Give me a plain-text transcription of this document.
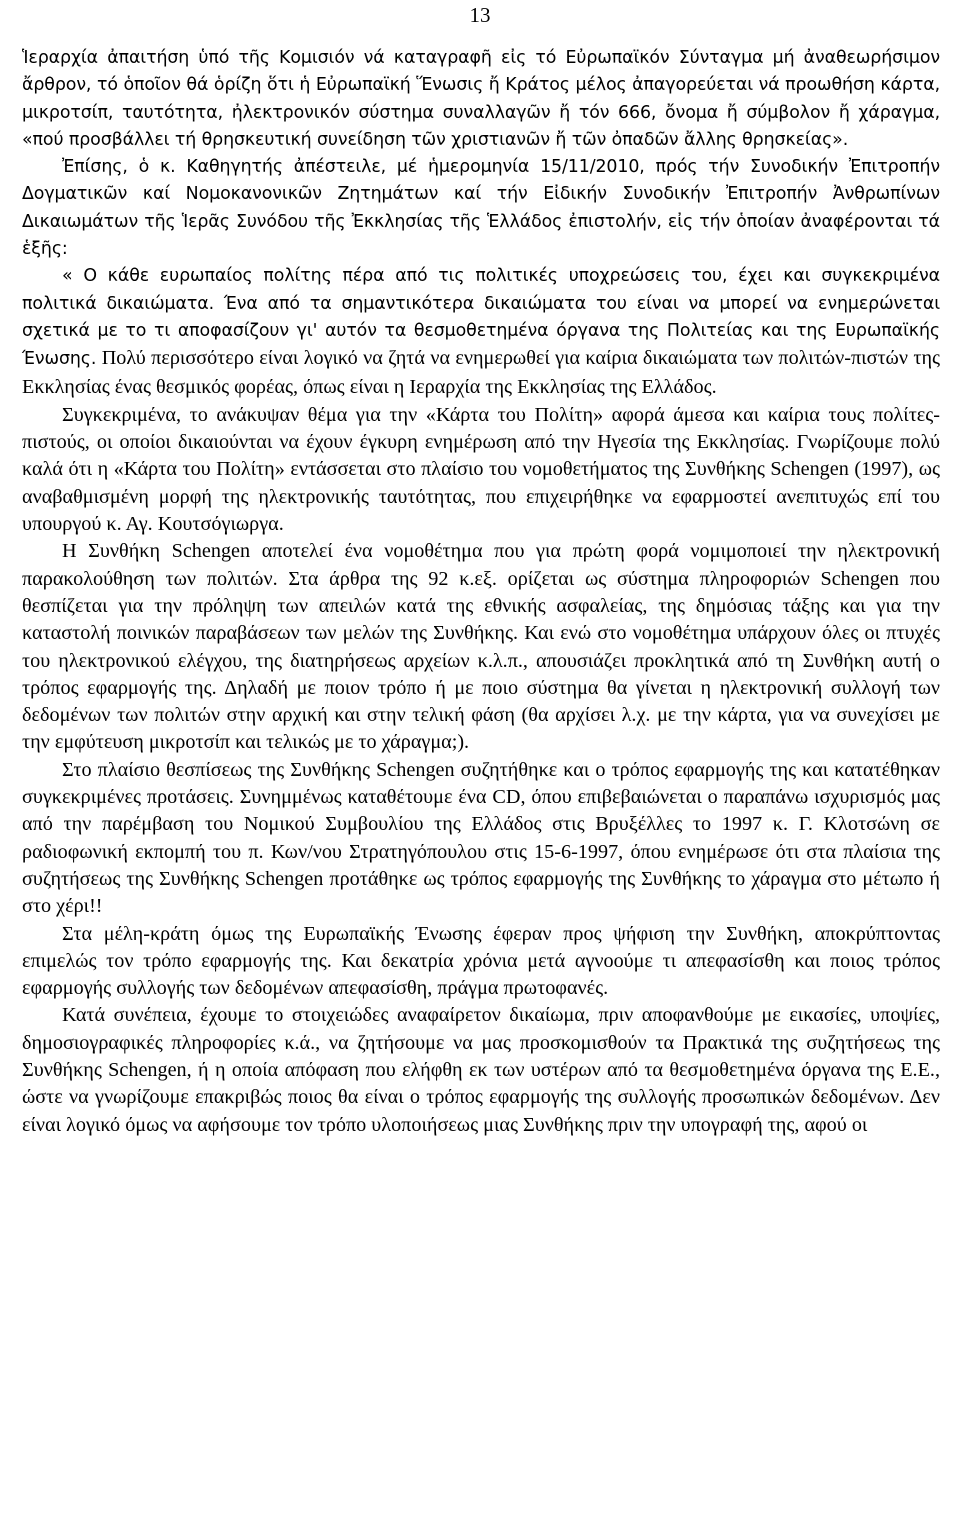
13

Ἱεραρχία ἀπαιτήση ὑπό τῆς Κομισιόν νά καταγραφῆ εἰς τό Εὐρωπαϊκόν Σύνταγμα μή ἀναθεωρήσιμον ἄρθρον, τό ὁποῖον θά ὁρίζη ὅτι ἡ Εὐρωπαϊκή Ἕνωσις ἤ Κράτος μέλος ἀπαγορεύεται νά προωθήση κάρτα, μικροτσίπ, ταυτότητα, ἠλεκτρονικόν σύστημα συναλλαγῶν ἤ τόν 666, ὄνομα ἤ σύμβολον ἤ χάραγμα, «πού προσβάλλει τή θρησκευτική συνείδηση τῶν χριστιανῶν ἤ τῶν ὀπαδῶν ἄλλης θρησκείας».

Ἐπίσης, ὁ κ. Καθηγητής ἀπέστειλε, μέ ἡμερομηνία 15/11/2010, πρός τήν Συνοδικήν Ἐπιτροπήν Δογματικῶν καί Νομοκανονικῶν Ζητημάτων καί τήν Εἰδικήν Συνοδικήν Ἐπιτροπήν Ἀνθρωπίνων Δικαιωμάτων τῆς Ἱερᾶς Συνόδου τῆς Ἐκκλησίας τῆς Ἑλλάδος ἐπιστολήν, εἰς τήν ὁποίαν ἀναφέρονται τά ἑξῆς:

« Ο κάθε ευρωπαίος πολίτης πέρα από τις πολιτικές υποχρεώσεις του, έχει και συγκεκριμένα πολιτικά δικαιώματα. Ένα από τα σημαντικότερα δικαιώματα του είναι να μπορεί να ενημερώνεται σχετικά με το τι αποφασίζουν γι' αυτόν τα θεσμοθετημένα όργανα της Πολιτείας και της Ευρωπαϊκής Ένωσης. Πολύ περισσότερο είναι λογικό να ζητά να ενημερωθεί για καίρια δικαιώματα των πολιτών-πιστών της Εκκλησίας ένας θεσμικός φορέας, όπως είναι η Ιεραρχία της Εκκλησίας της Ελλάδος.

Συγκεκριμένα, το ανάκυψαν θέμα για την «Κάρτα του Πολίτη» αφορά άμεσα και καίρια τους πολίτες-πιστούς, οι οποίοι δικαιούνται να έχουν έγκυρη ενημέρωση από την Ηγεσία της Εκκλησίας. Γνωρίζουμε πολύ καλά ότι η «Κάρτα του Πολίτη» εντάσσεται στο πλαίσιο του νομοθετήματος της Συνθήκης Schengen (1997), ως αναβαθμισμένη μορφή της ηλεκτρονικής ταυτότητας, που επιχειρήθηκε να εφαρμοστεί ανεπιτυχώς επί του υπουργού κ. Αγ. Κουτσόγιωργα.

Η Συνθήκη Schengen αποτελεί ένα νομοθέτημα που για πρώτη φορά νομιμοποιεί την ηλεκτρονική παρακολούθηση των πολιτών. Στα άρθρα της 92 κ.εξ. ορίζεται ως σύστημα πληροφοριών Schengen που θεσπίζεται για την πρόληψη των απειλών κατά της εθνικής ασφαλείας, της δημόσιας τάξης και για την καταστολή ποινικών παραβάσεων των μελών της Συνθήκης. Και ενώ στο νομοθέτημα υπάρχουν όλες οι πτυχές του ηλεκτρονικού ελέγχου, της διατηρήσεως αρχείων κ.λ.π., απουσιάζει προκλητικά από τη Συνθήκη αυτή ο τρόπος εφαρμογής της. Δηλαδή με ποιον τρόπο ή με ποιο σύστημα θα γίνεται η ηλεκτρονική συλλογή των δεδομένων των πολιτών στην αρχική και στην τελική φάση (θα αρχίσει λ.χ. με την κάρτα, για να συνεχίσει με την εμφύτευση μικροτσίπ και τελικώς με το χάραγμα;).

Στο πλαίσιο θεσπίσεως της Συνθήκης Schengen συζητήθηκε και ο τρόπος εφαρμογής της και κατατέθηκαν συγκεκριμένες προτάσεις. Συνημμένως καταθέτουμε ένα CD, όπου επιβεβαιώνεται ο παραπάνω ισχυρισμός μας από την παρέμβαση του Νομικού Συμβουλίου της Ελλάδος στις Βρυξέλλες το 1997 κ. Γ. Κλοτσώνη σε ραδιοφωνική εκπομπή του π. Κων/νου Στρατηγόπουλου στις 15-6-1997, όπου ενημέρωσε ότι στα πλαίσια της συζητήσεως της Συνθήκης Schengen προτάθηκε ως τρόπος εφαρμογής της Συνθήκης το χάραγμα στο μέτωπο ή στο χέρι!!

Στα μέλη-κράτη όμως της Ευρωπαϊκής Ένωσης έφεραν προς ψήφιση την Συνθήκη, αποκρύπτοντας επιμελώς τον τρόπο εφαρμογής της. Και δεκατρία χρόνια μετά αγνοούμε τι απεφασίσθη και ποιος τρόπος εφαρμογής συλλογής των δεδομένων απεφασίσθη, πράγμα πρωτοφανές.

Κατά συνέπεια, έχουμε το στοιχειώδες αναφαίρετον δικαίωμα, πριν αποφανθούμε με εικασίες, υποψίες, δημοσιογραφικές πληροφορίες κ.ά., να ζητήσουμε να μας προσκομισθούν τα Πρακτικά της συζητήσεως της Συνθήκης Schengen, ή η οποία απόφαση που ελήφθη εκ των υστέρων από τα θεσμοθετημένα όργανα της Ε.Ε., ώστε να γνωρίζουμε επακριβώς ποιος θα είναι ο τρόπος εφαρμογής της συλλογής προσωπικών δεδομένων. Δεν είναι λογικό όμως να αφήσουμε τον τρόπο υλοποιήσεως μιας Συνθήκης πριν την υπογραφή της, αφού οι
